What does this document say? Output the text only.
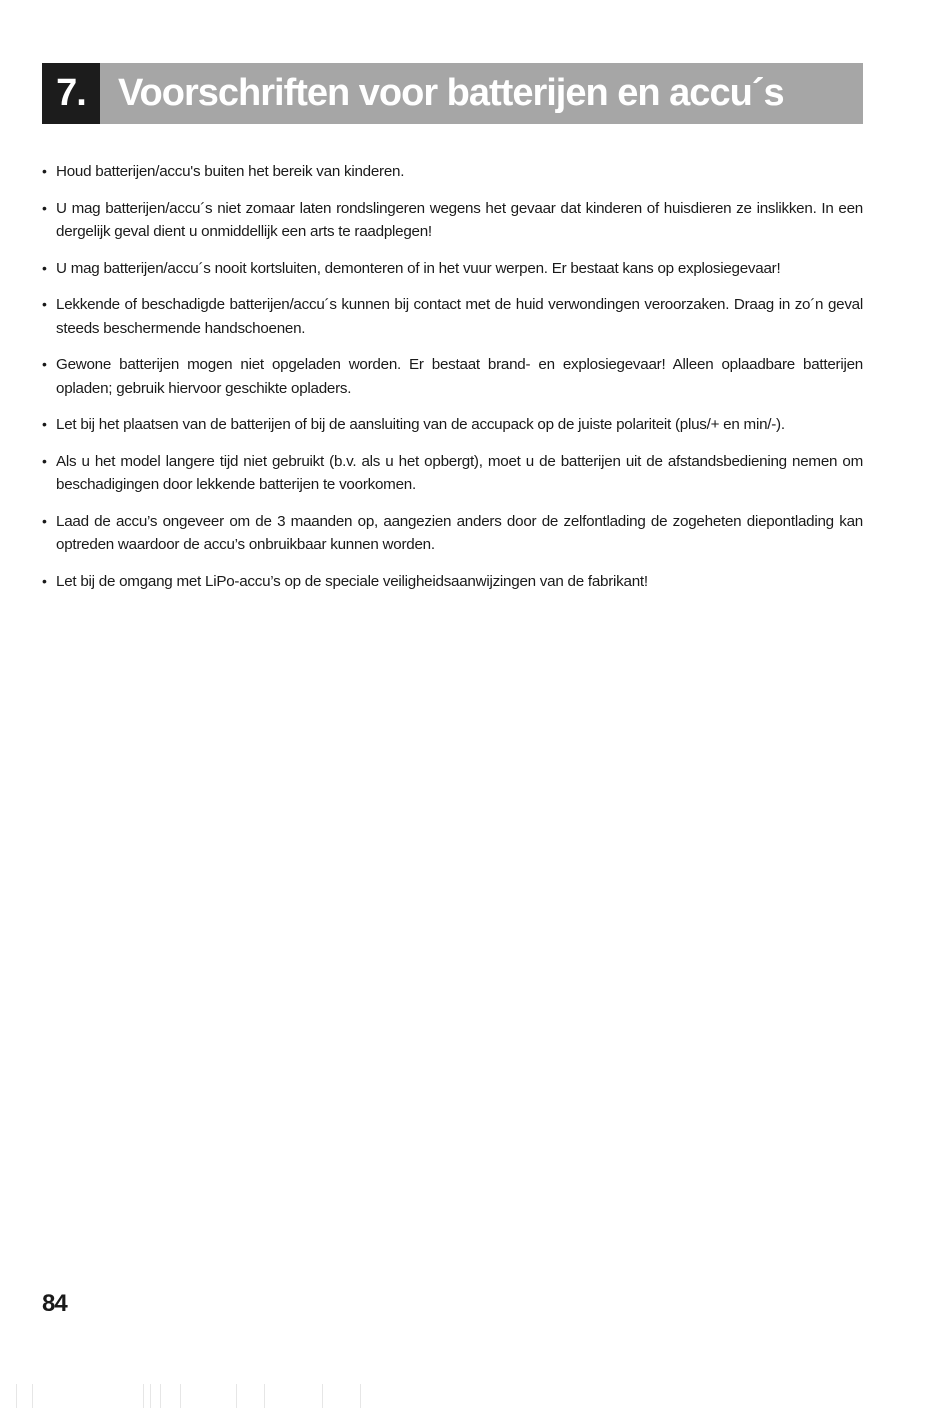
7. Voorschriften voor batterijen en accu´s
• Houd batterijen/accu's buiten het bereik van kinderen.
• U mag batterijen/accu´s niet zomaar laten rondslingeren wegens het gevaar dat kinderen of huisdieren ze inslikken. In een dergelijk geval dient u onmiddellijk een arts te raadplegen!
• U mag batterijen/accu´s nooit kortsluiten, demonteren of in het vuur werpen. Er bestaat kans op explosiegevaar!
• Lekkende of beschadigde batterijen/accu´s kunnen bij contact met de huid verwondingen veroorzaken. Draag in zo´n geval steeds beschermende handschoenen.
• Gewone batterijen mogen niet opgeladen worden. Er bestaat brand- en explosiegevaar! Alleen oplaadbare batterijen opladen; gebruik hiervoor geschikte opladers.
• Let bij het plaatsen van de batterijen of bij de aansluiting van de accupack op de juiste polariteit (plus/+ en min/-).
• Als u het model langere tijd niet gebruikt (b.v. als u het opbergt), moet u de batterijen uit de afstandsbediening nemen om beschadigingen door lekkende batterijen te voorkomen.
• Laad de accu’s ongeveer om de 3 maanden op, aangezien anders door de zelfontlading de zogeheten diepontlading kan optreden waardoor de accu’s onbruikbaar kunnen worden.
• Let bij de omgang met LiPo-accu’s op de speciale veiligheidsaanwijzingen van de fabrikant!
84
